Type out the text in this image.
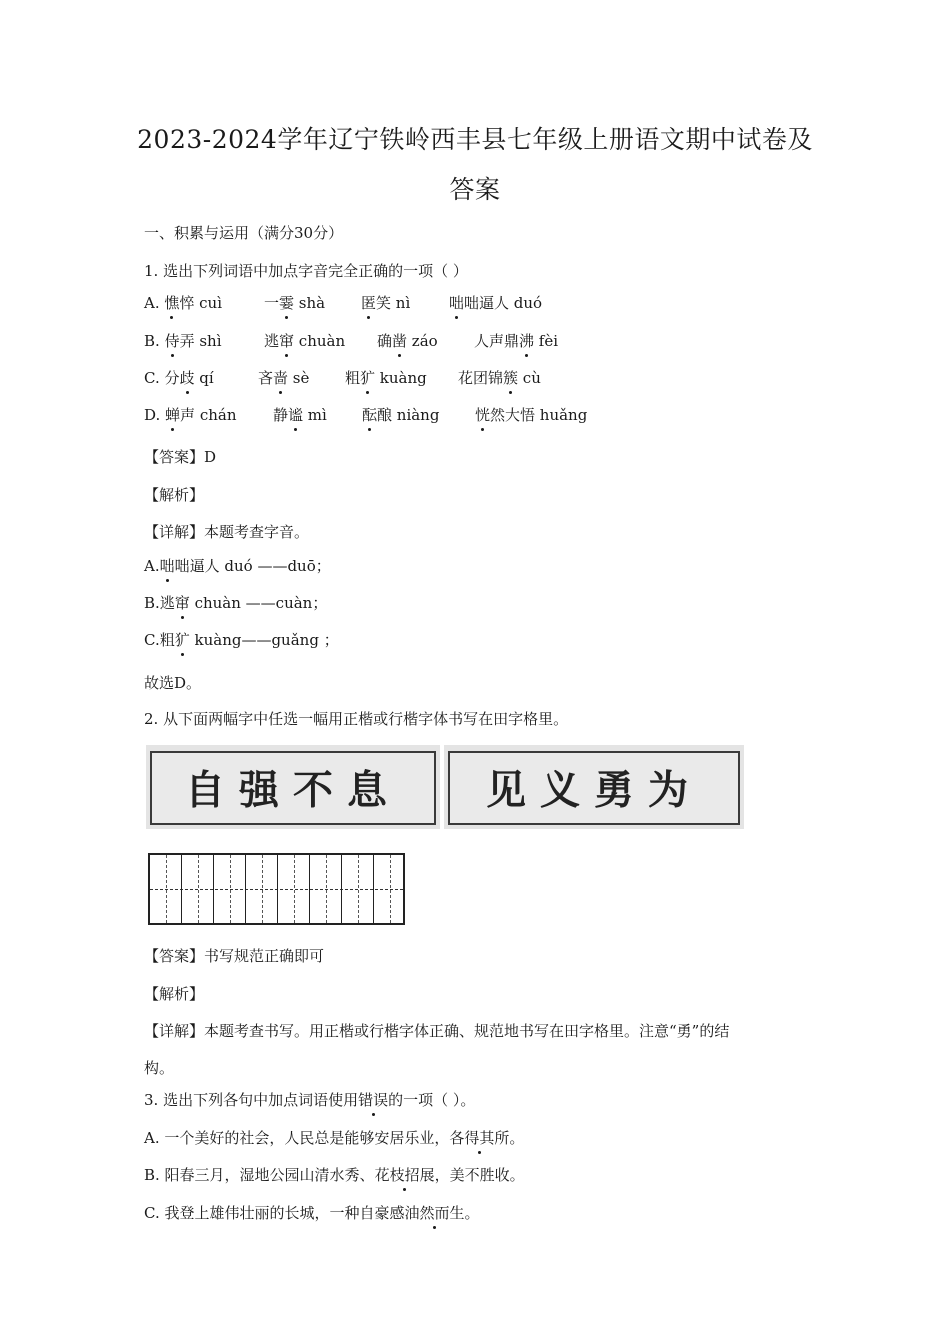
2023-2024学年辽宁铁岭西丰县七年级上册语文期中试卷及
答案
一、积累与运用（满分30分）
1. 选出下列词语中加点字音完全正确的一项（ ）
A. 憔悴 cuì	一霎 shà 匿笑 nì	咄咄逼人 duó
B. 侍弄 shì	逃窜 chuàn 确凿 záo 人声鼎沸 fèi
C. 分歧 qí	吝啬 sè 粗犷 kuàng 花团锦簇 cù
D. 蝉声 chán 静谧 mì 酝酿 niàng 恍然大悟 huǎng
【答案】D
【解析】
【详解】本题考查字音。
A.咄咄逼人 duó ——duō；
B.逃窜 chuàn ——cuàn；
C.粗犷 kuàng——guǎng ；
故选D。
2. 从下面两幅字中任选一幅用正楷或行楷字体书写在田字格里。
自强不息	见义勇为
【答案】书写规范正确即可
【解析】
【详解】本题考查书写。用正楷或行楷字体正确、规范地书写在田字格里。注意“勇”的结
构。
3. 选出下列各句中加点词语使用错误的一项（ ）。
A. 一个美好的社会，人民总是能够安居乐业，各得其所。
B. 阳春三月，湿地公园山清水秀、花枝招展，美不胜收。
C. 我登上雄伟壮丽的长城，一种自豪感油然而生。
